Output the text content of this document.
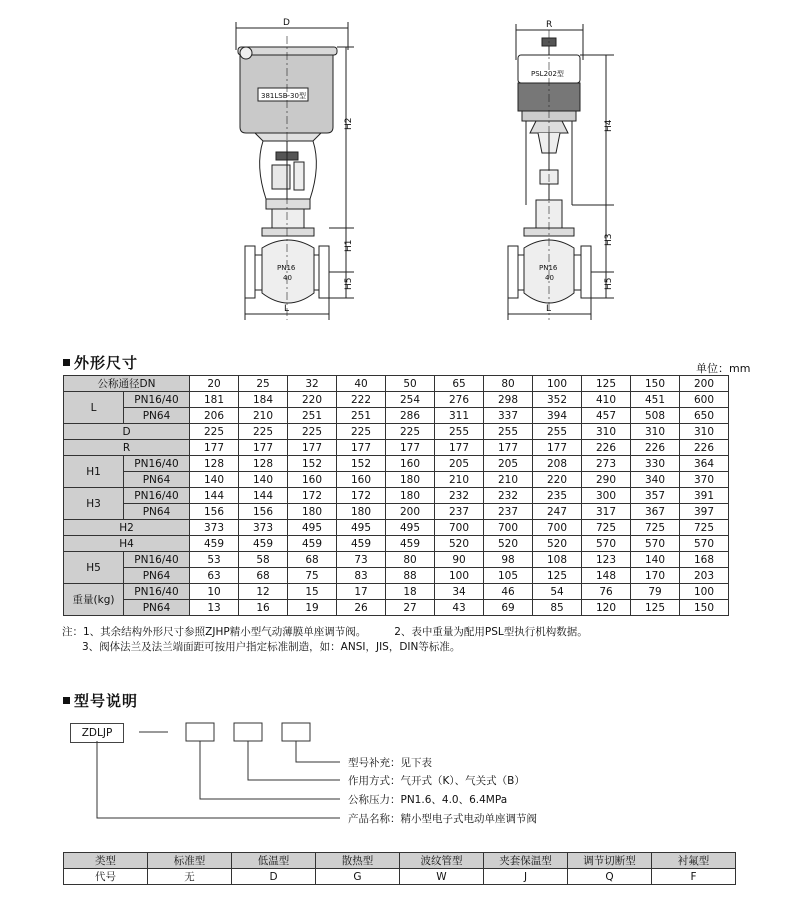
D
381LSB-30型
H2
H1
H5
PN16
40
L
R
PSL202型
H4
H3
H5
PN16
40
L
外形尺寸	单位：mm
公称通径DN		20	25	32	40	50	65	80	100	125	150	200
L	PN16/40	181	184	220	222	254	276	298	352	410	451	600
	PN64	206	210	251	251	286	311	337	394	457	508	650
D		225	225	225	225	225	255	255	255	310	310	310
R		177	177	177	177	177	177	177	177	226	226	226
H1	PN16/40	128	128	152	152	160	205	205	208	273	330	364
	PN64	140	140	160	160	180	210	210	220	290	340	370
H3	PN16/40	144	144	172	172	180	232	232	235	300	357	391
	PN64	156	156	180	180	200	237	237	247	317	367	397
H2		373	373	495	495	495	700	700	700	725	725	725
H4		459	459	459	459	459	520	520	520	570	570	570
H5	PN16/40	53	58	68	73	80	90	98	108	123	140	168
	PN64	63	68	75	83	88	100	105	125	148	170	203
重量(kg)	PN16/40	10	12	15	17	18	34	46	54	76	79	100
	PN64	13	16	19	26	27	43	69	85	120	125	150
注：1、其余结构外形尺寸参照ZJHP精小型气动薄膜单座调节阀。	2、表中重量为配用PSL型执行机构数据。
3、阀体法兰及法兰端面距可按用户指定标准制造，如：ANSI，JIS，DIN等标准。
型号说明
ZDLJP
型号补充：见下表
作用方式：气开式（K）、气关式（B）
公称压力：PN1.6、4.0、6.4MPa
产品名称：精小型电子式电动单座调节阀
类型	标准型	低温型	散热型	波纹管型	夹套保温型	调节切断型	衬氟型
代号	无	D	G	W	J	Q	F
